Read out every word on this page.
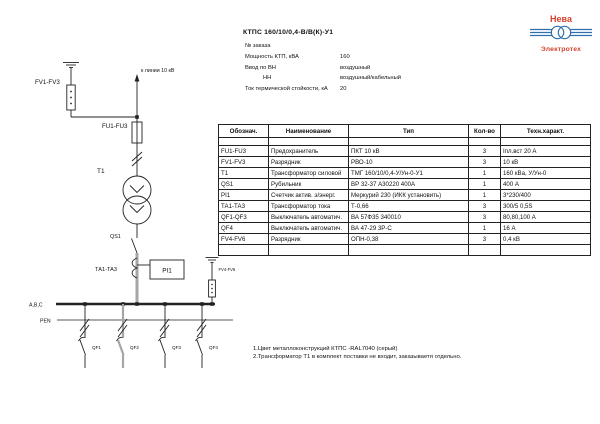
к линии 10 кВ
FV1-FV3
FU1-FU3
Т1
QS1
ТА1-ТА3	PI1	FV4-FV6
A,B,C
PEN
QF1	QF2	QF3	QF4
КТПС 160/10/0,4-В/В(К)-У1
№ заказа
Мощность КТП, кВА	160
Ввод по ВН	воздушный
НН	воздушный/кабельный
Ток термической стойкости, кА 20
Нева
Электротех
Обознач.	Наименование	Тип	Кол-во	Техн.характ.

FU1-FU3	Предохранитель	ПКТ 10 кВ	3	Iпл.вст 20 А
FV1-FV3	Разрядник	РВО-10	3	10 кВ
Т1	Трансформатор силовой	ТМГ 160/10/0,4-У/Ун-0-У1	1	160 кВа, У/Ун-0
QS1	Рубильник	ВР 32-37 А30220 400А	1	400 А
PI1	Счетчик актив. э/энерг.	Меркурий 230 (ИКК установить)	1	3*230/400
ТА1-ТА3	Трансформатор тока	Т-0,66	3	300/5 0,5S
QF1-QF3	Выключатель автоматич.	ВА 57Ф35 340010	3	80,80,100 А
QF4	Выключатель автоматич.	ВА 47-29 3Р-С	1	16 А
FV4-FV6	Разрядник	ОПН-0,38	3	0,4 кВ

1.Цвет металлоконструкций КТПС -RAL7040 (серый)
2.Трансформатор Т1 в комплект поставки не входит, заказываетя отдельно.
